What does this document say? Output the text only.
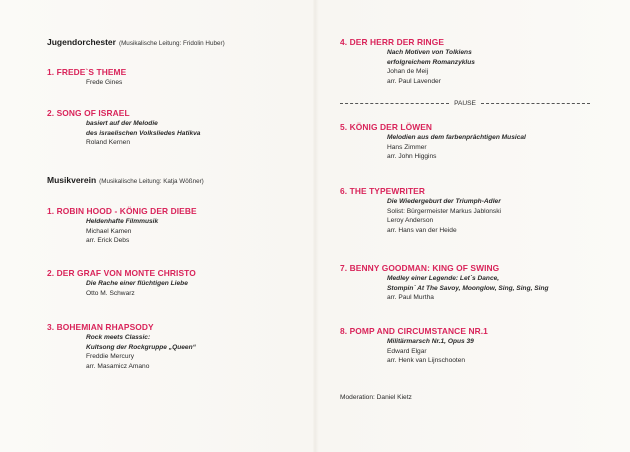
Jugendorchester (Musikalische Leitung: Fridolin Huber)
1. FREDE`S THEME
Frede Gines
2. SONG OF ISRAEL
basiert auf der Melodie
des israelischen Volksliedes Hatikva
Roland Kernen
Musikverein (Musikalische Leitung: Katja Wößner)
1. ROBIN HOOD - KÖNIG DER DIEBE
Heldenhafte Filmmusik
Michael Kamen
arr. Erick Debs
2. DER GRAF VON MONTE CHRISTO
Die Rache einer flüchtigen Liebe
Otto M. Schwarz
3. BOHEMIAN RHAPSODY
Rock meets Classic:
Kultsong der Rockgruppe „Queen“
Freddie Mercury
arr. Masamicz Amano
4. DER HERR DER RINGE
Nach Motiven von Tolkiens
erfolgreichem Romanzyklus
Johan de Meij
arr. Paul Lavender
PAUSE
5. KÖNIG DER LÖWEN
Melodien aus dem farbenprächtigen Musical
Hans Zimmer
arr. John Higgins
6. THE TYPEWRITER
Die Wiedergeburt der Triumph-Adler
Solist: Bürgermeister Markus Jablonski
Leroy Anderson
arr. Hans van der Heide
7. BENNY GOODMAN: KING OF SWING
Medley einer Legende: Let`s Dance,
Stompin` At The Savoy, Moonglow, Sing, Sing, Sing
arr. Paul Murtha
8. POMP AND CIRCUMSTANCE NR.1
Militärmarsch Nr.1, Opus 39
Edward Elgar
arr. Henk van Lijnschooten
Moderation: Daniel Kietz
